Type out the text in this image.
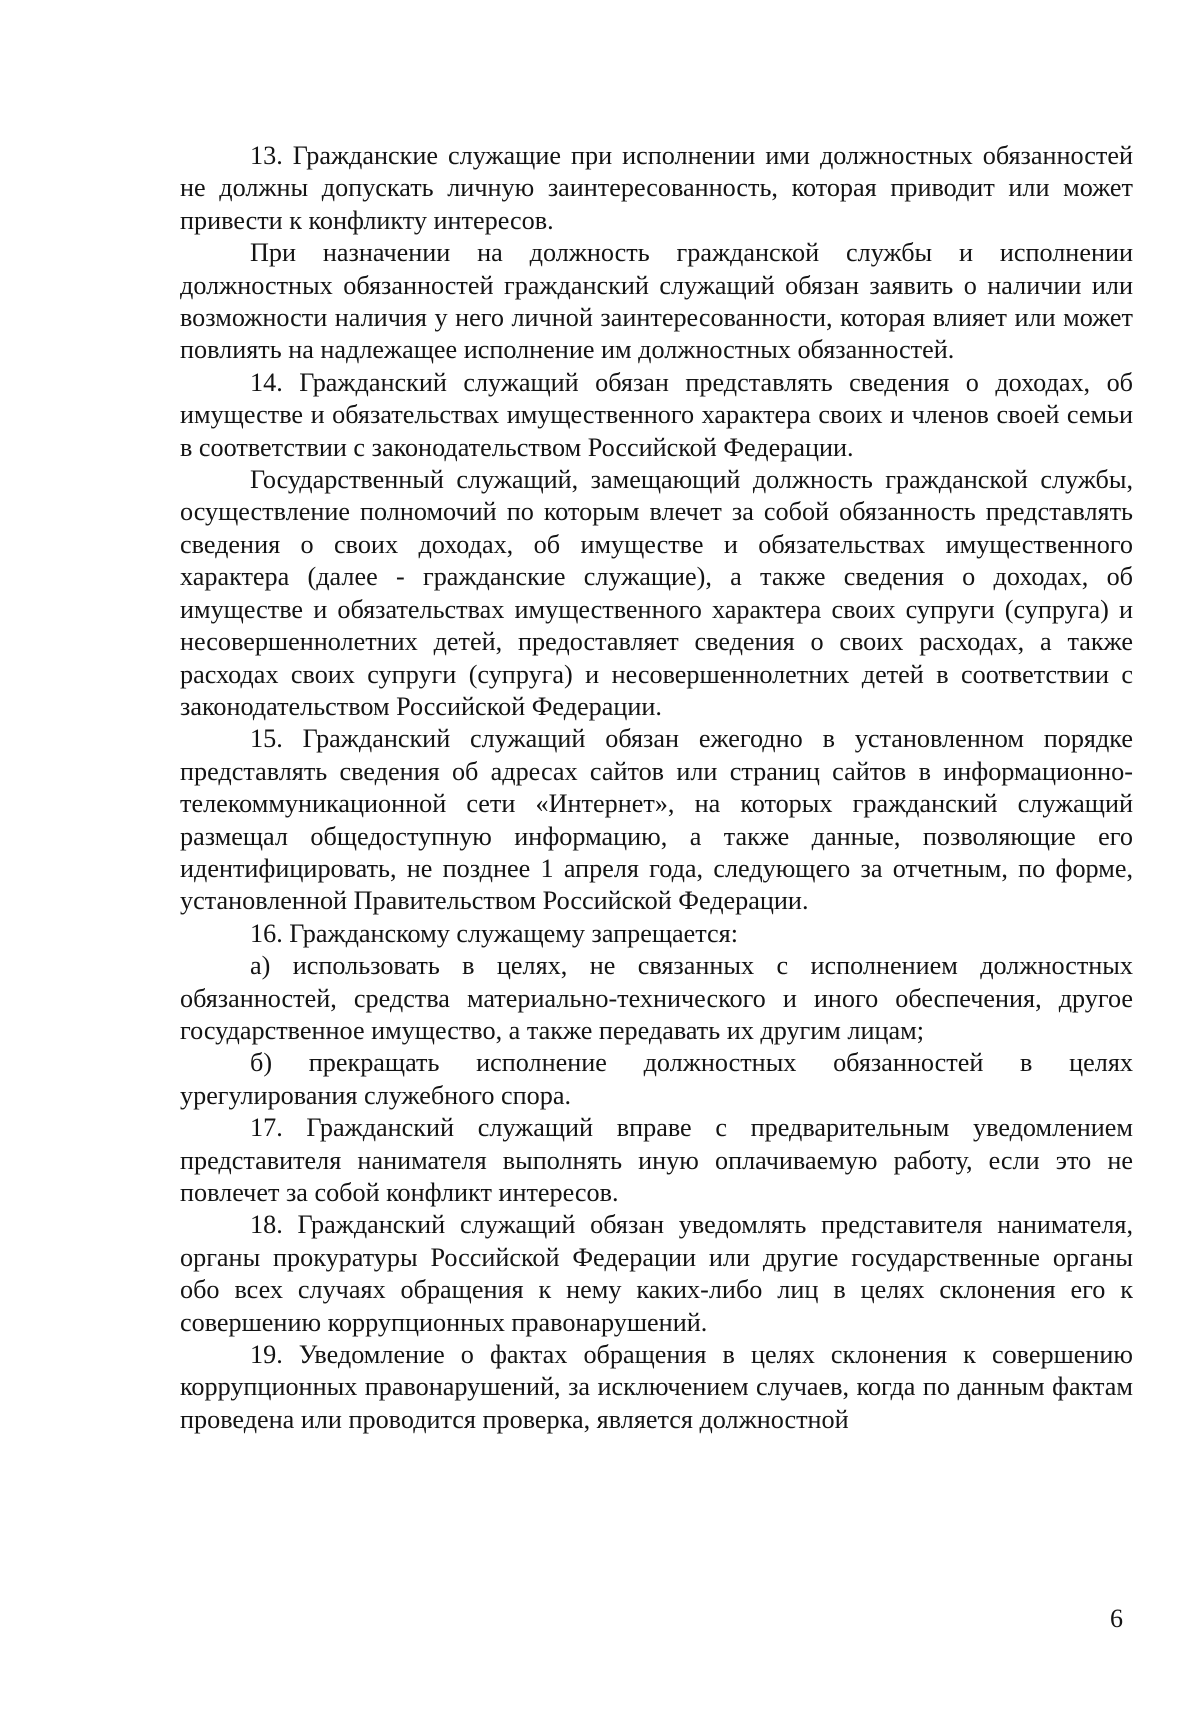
13. Гражданские служащие при исполнении ими должностных обязанностей не должны допускать личную заинтересованность, которая приводит или может привести к конфликту интересов.

При назначении на должность гражданской службы и исполнении должностных обязанностей гражданский служащий обязан заявить о наличии или возможности наличия у него личной заинтересованности, которая влияет или может повлиять на надлежащее исполнение им должностных обязанностей.

14. Гражданский служащий обязан представлять сведения о доходах, об имуществе и обязательствах имущественного характера своих и членов своей семьи в соответствии с законодательством Российской Федерации.

Государственный служащий, замещающий должность гражданской службы, осуществление полномочий по которым влечет за собой обязанность представлять сведения о своих доходах, об имуществе и обязательствах имущественного характера (далее - гражданские служащие), а также сведения о доходах, об имуществе и обязательствах имущественного характера своих супруги (супруга) и несовершеннолетних детей, предоставляет сведения о своих расходах, а также расходах своих супруги (супруга) и несовершеннолетних детей в соответствии с законодательством Российской Федерации.

15. Гражданский служащий обязан ежегодно в установленном порядке представлять сведения об адресах сайтов или страниц сайтов в информационно-телекоммуникационной сети «Интернет», на которых гражданский служащий размещал общедоступную информацию, а также данные, позволяющие его идентифицировать, не позднее 1 апреля года, следующего за отчетным, по форме, установленной Правительством Российской Федерации.

16. Гражданскому служащему запрещается:

а) использовать в целях, не связанных с исполнением должностных обязанностей, средства материально-технического и иного обеспечения, другое государственное имущество, а также передавать их другим лицам;

б) прекращать исполнение должностных обязанностей в целях урегулирования служебного спора.

17. Гражданский служащий вправе с предварительным уведомлением представителя нанимателя выполнять иную оплачиваемую работу, если это не повлечет за собой конфликт интересов.

18. Гражданский служащий обязан уведомлять представителя нанимателя, органы прокуратуры Российской Федерации или другие государственные органы обо всех случаях обращения к нему каких-либо лиц в целях склонения его к совершению коррупционных правонарушений.

19. Уведомление о фактах обращения в целях склонения к совершению коррупционных правонарушений, за исключением случаев, когда по данным фактам проведена или проводится проверка, является должностной

6
